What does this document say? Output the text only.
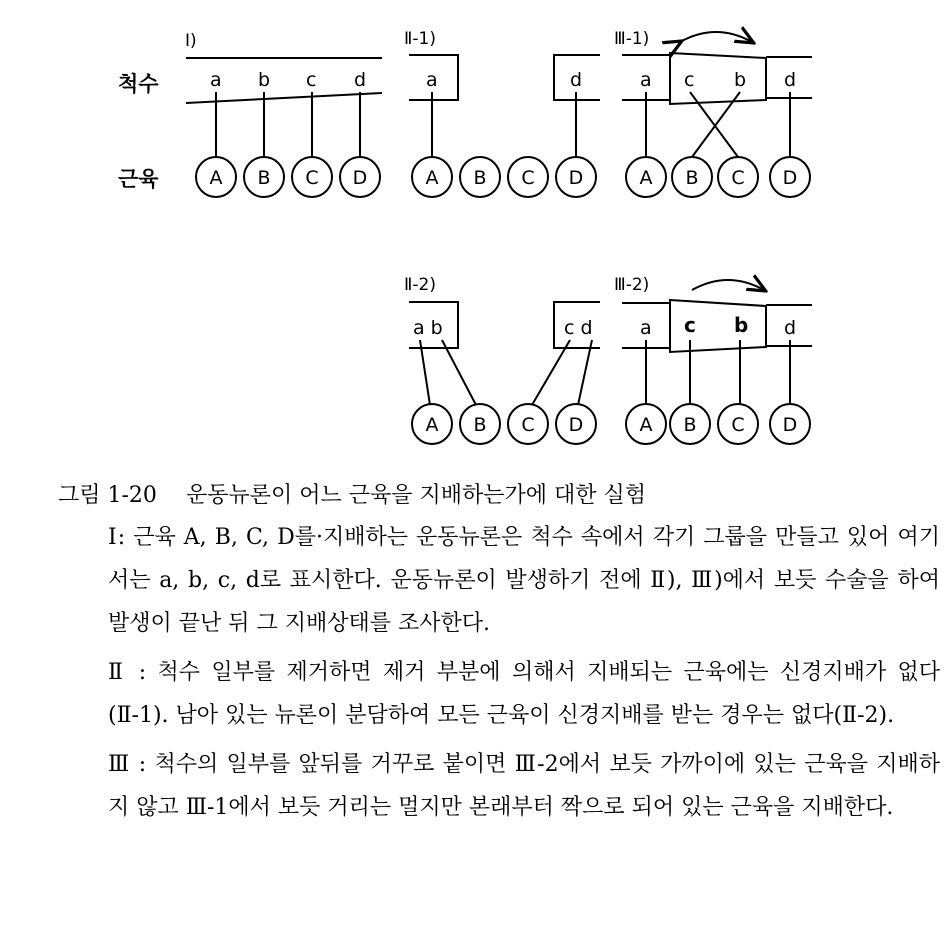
척수
근육
Ⅰ)
a b c d
A B C D
Ⅱ-1)
a	d
A B C D
Ⅲ-1)
a c b d
A B C D
Ⅱ-2)
a b	c d
A B C D
Ⅲ-2)
a c b d
A B C D

그림 1-20 운동뉴론이 어느 근육을 지배하는가에 대한 실험

Ⅰ: 근육 A, B, C, D를·지배하는 운동뉴론은 척수 속에서 각기 그룹을 만들고 있어 여기서는 a, b, c, d로 표시한다. 운동뉴론이 발생하기 전에 Ⅱ), Ⅲ)에서 보듯 수술을 하여 발생이 끝난 뒤 그 지배상태를 조사한다.

Ⅱ : 척수 일부를 제거하면 제거 부분에 의해서 지배되는 근육에는 신경지배가 없다(Ⅱ-1). 남아 있는 뉴론이 분담하여 모든 근육이 신경지배를 받는 경우는 없다(Ⅱ-2).

Ⅲ : 척수의 일부를 앞뒤를 거꾸로 붙이면 Ⅲ-2에서 보듯 가까이에 있는 근육을 지배하지 않고 Ⅲ-1에서 보듯 거리는 멀지만 본래부터 짝으로 되어 있는 근육을 지배한다.
